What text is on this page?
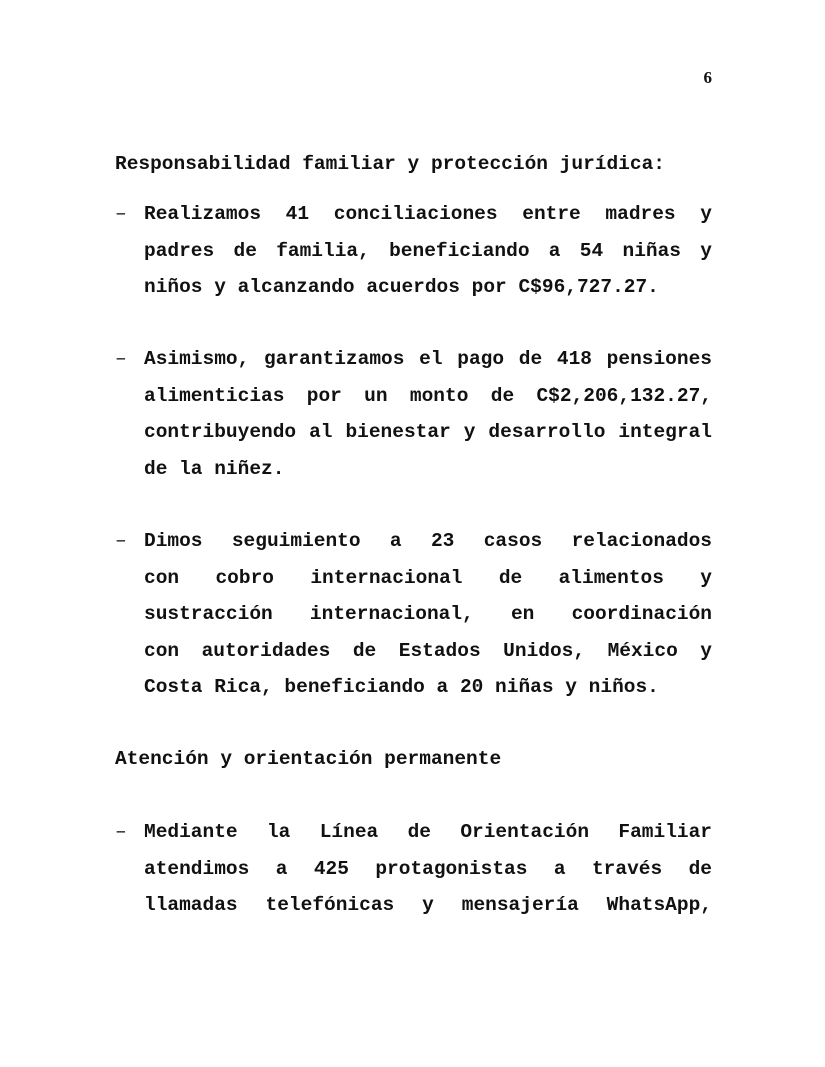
6
Responsabilidad familiar y protección jurídica:
– Realizamos 41 conciliaciones entre madres y
padres de familia, beneficiando a 54 niñas y
niños y alcanzando acuerdos por C$96,727.27.
– Asimismo, garantizamos el pago de 418 pensiones
alimenticias por un monto de C$2,206,132.27,
contribuyendo al bienestar y desarrollo integral
de la niñez.
– Dimos seguimiento a 23 casos relacionados
con cobro internacional de alimentos y
sustracción internacional, en coordinación
con autoridades de Estados Unidos, México y
Costa Rica, beneficiando a 20 niñas y niños.
Atención y orientación permanente
– Mediante la Línea de Orientación Familiar
atendimos a 425 protagonistas a través de
llamadas telefónicas y mensajería WhatsApp,
